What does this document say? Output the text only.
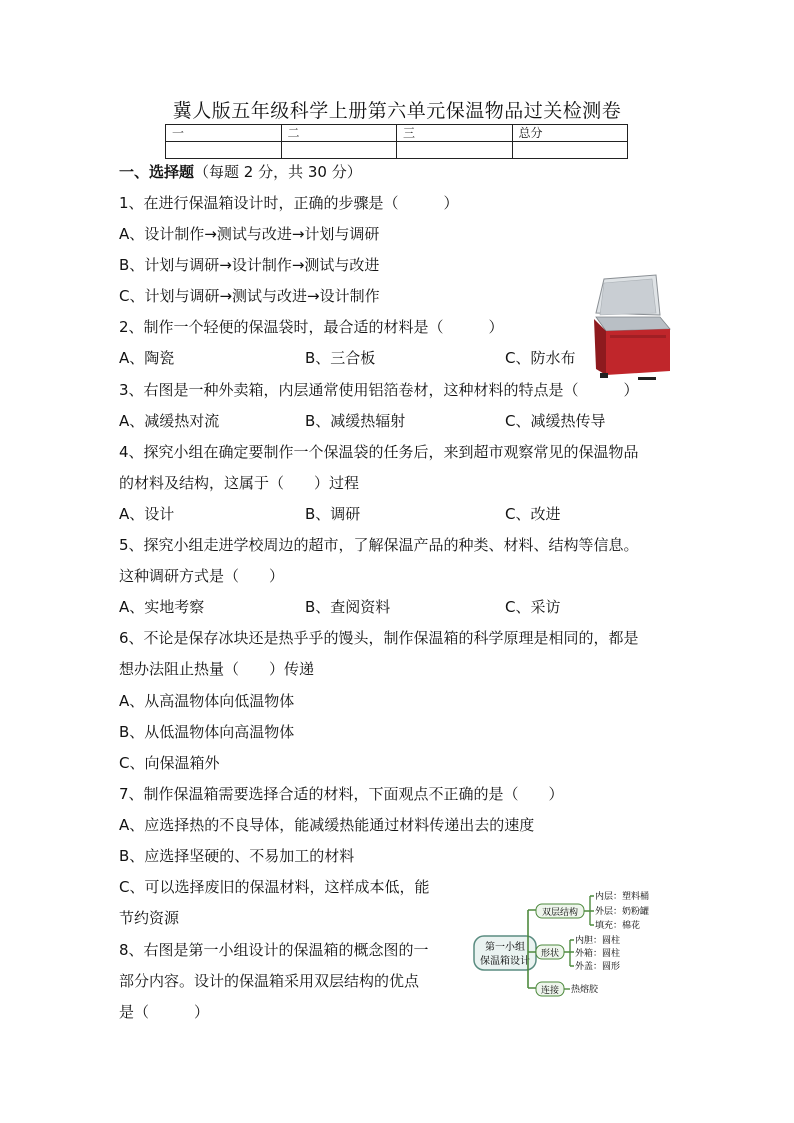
冀人版五年级科学上册第六单元保温物品过关检测卷
一	二	三	总分

一、选择题（每题 2 分，共 30 分）
1、在进行保温箱设计时，正确的步骤是（　　　）
A、设计制作→测试与改进→计划与调研
B、计划与调研→设计制作→测试与改进
C、计划与调研→测试与改进→设计制作
2、制作一个轻便的保温袋时，最合适的材料是（　　　）
A、陶瓷	B、三合板	C、防水布
3、右图是一种外卖箱，内层通常使用铝箔卷材，这种材料的特点是（　　　）
A、减缓热对流	B、减缓热辐射	C、减缓热传导
4、探究小组在确定要制作一个保温袋的任务后，来到超市观察常见的保温物品
的材料及结构，这属于（　　）过程
A、设计	B、调研	C、改进
5、探究小组走进学校周边的超市，了解保温产品的种类、材料、结构等信息。
这种调研方式是（　　）
A、实地考察	B、查阅资料	C、采访
6、不论是保存冰块还是热乎乎的馒头，制作保温箱的科学原理是相同的，都是
想办法阻止热量（　　）传递
A、从高温物体向低温物体
B、从低温物体向高温物体
C、向保温箱外
7、制作保温箱需要选择合适的材料，下面观点不正确的是（　　）
A、应选择热的不良导体，能减缓热能通过材料传递出去的速度
B、应选择坚硬的、不易加工的材料
C、可以选择废旧的保温材料，这样成本低，能
节约资源
8、右图是第一小组设计的保温箱的概念图的一
部分内容。设计的保温箱采用双层结构的优点
是（　　　）
第一小组
保温箱设计
双层结构
形状
连接
内层：塑料桶
外层：奶粉罐
填充：棉花
内胆：圆柱
外箱：圆柱
外盖：圆形
热熔胶
